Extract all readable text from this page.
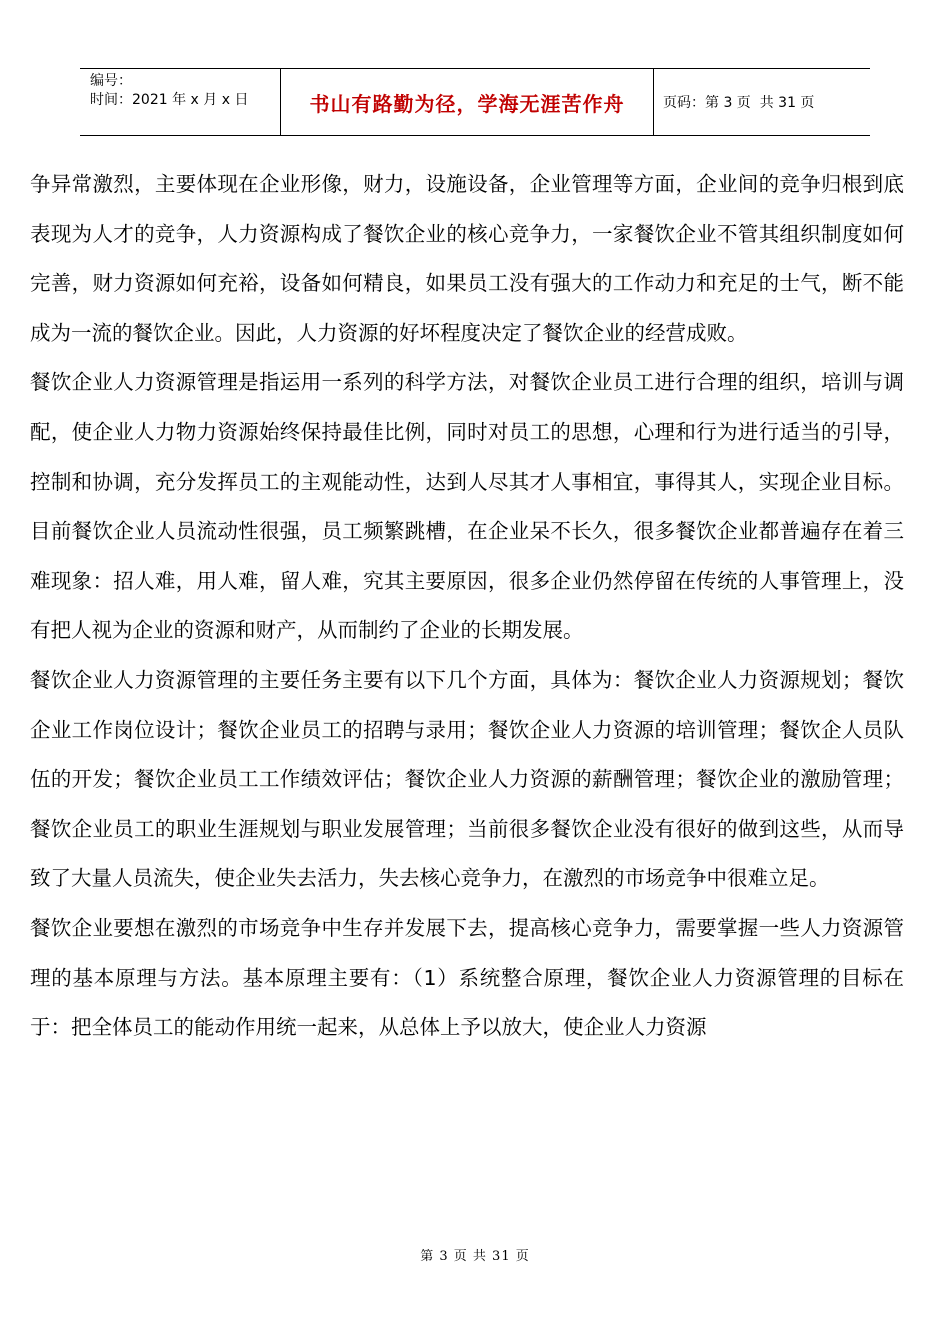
编号：
时间：2021 年 x 月 x 日	书山有路勤为径，学海无涯苦作舟	页码：第 3 页  共 31 页

争异常激烈，主要体现在企业形像，财力，设施设备，企业管理等方面，企业间的竞争归根到底表现为人才的竞争，人力资源构成了餐饮企业的核心竞争力，一家餐饮企业不管其组织制度如何完善，财力资源如何充裕，设备如何精良，如果员工没有强大的工作动力和充足的士气，断不能成为一流的餐饮企业。因此，人力资源的好坏程度决定了餐饮企业的经营成败。

餐饮企业人力资源管理是指运用一系列的科学方法，对餐饮企业员工进行合理的组织，培训与调配，使企业人力物力资源始终保持最佳比例，同时对员工的思想，心理和行为进行适当的引导，控制和协调，充分发挥员工的主观能动性，达到人尽其才人事相宜，事得其人，实现企业目标。目前餐饮企业人员流动性很强，员工频繁跳槽，在企业呆不长久，很多餐饮企业都普遍存在着三难现象：招人难，用人难，留人难，究其主要原因，很多企业仍然停留在传统的人事管理上，没有把人视为企业的资源和财产，从而制约了企业的长期发展。

餐饮企业人力资源管理的主要任务主要有以下几个方面，具体为：餐饮企业人力资源规划；餐饮企业工作岗位设计；餐饮企业员工的招聘与录用；餐饮企业人力资源的培训管理；餐饮企人员队伍的开发；餐饮企业员工工作绩效评估；餐饮企业人力资源的薪酬管理；餐饮企业的激励管理；餐饮企业员工的职业生涯规划与职业发展管理；当前很多餐饮企业没有很好的做到这些，从而导致了大量人员流失，使企业失去活力，失去核心竞争力，在激烈的市场竞争中很难立足。

餐饮企业要想在激烈的市场竞争中生存并发展下去，提高核心竞争力，需要掌握一些人力资源管理的基本原理与方法。基本原理主要有：（1）系统整合原理，餐饮企业人力资源管理的目标在于：把全体员工的能动作用统一起来，从总体上予以放大，使企业人力资源

第 3 页 共 31 页
